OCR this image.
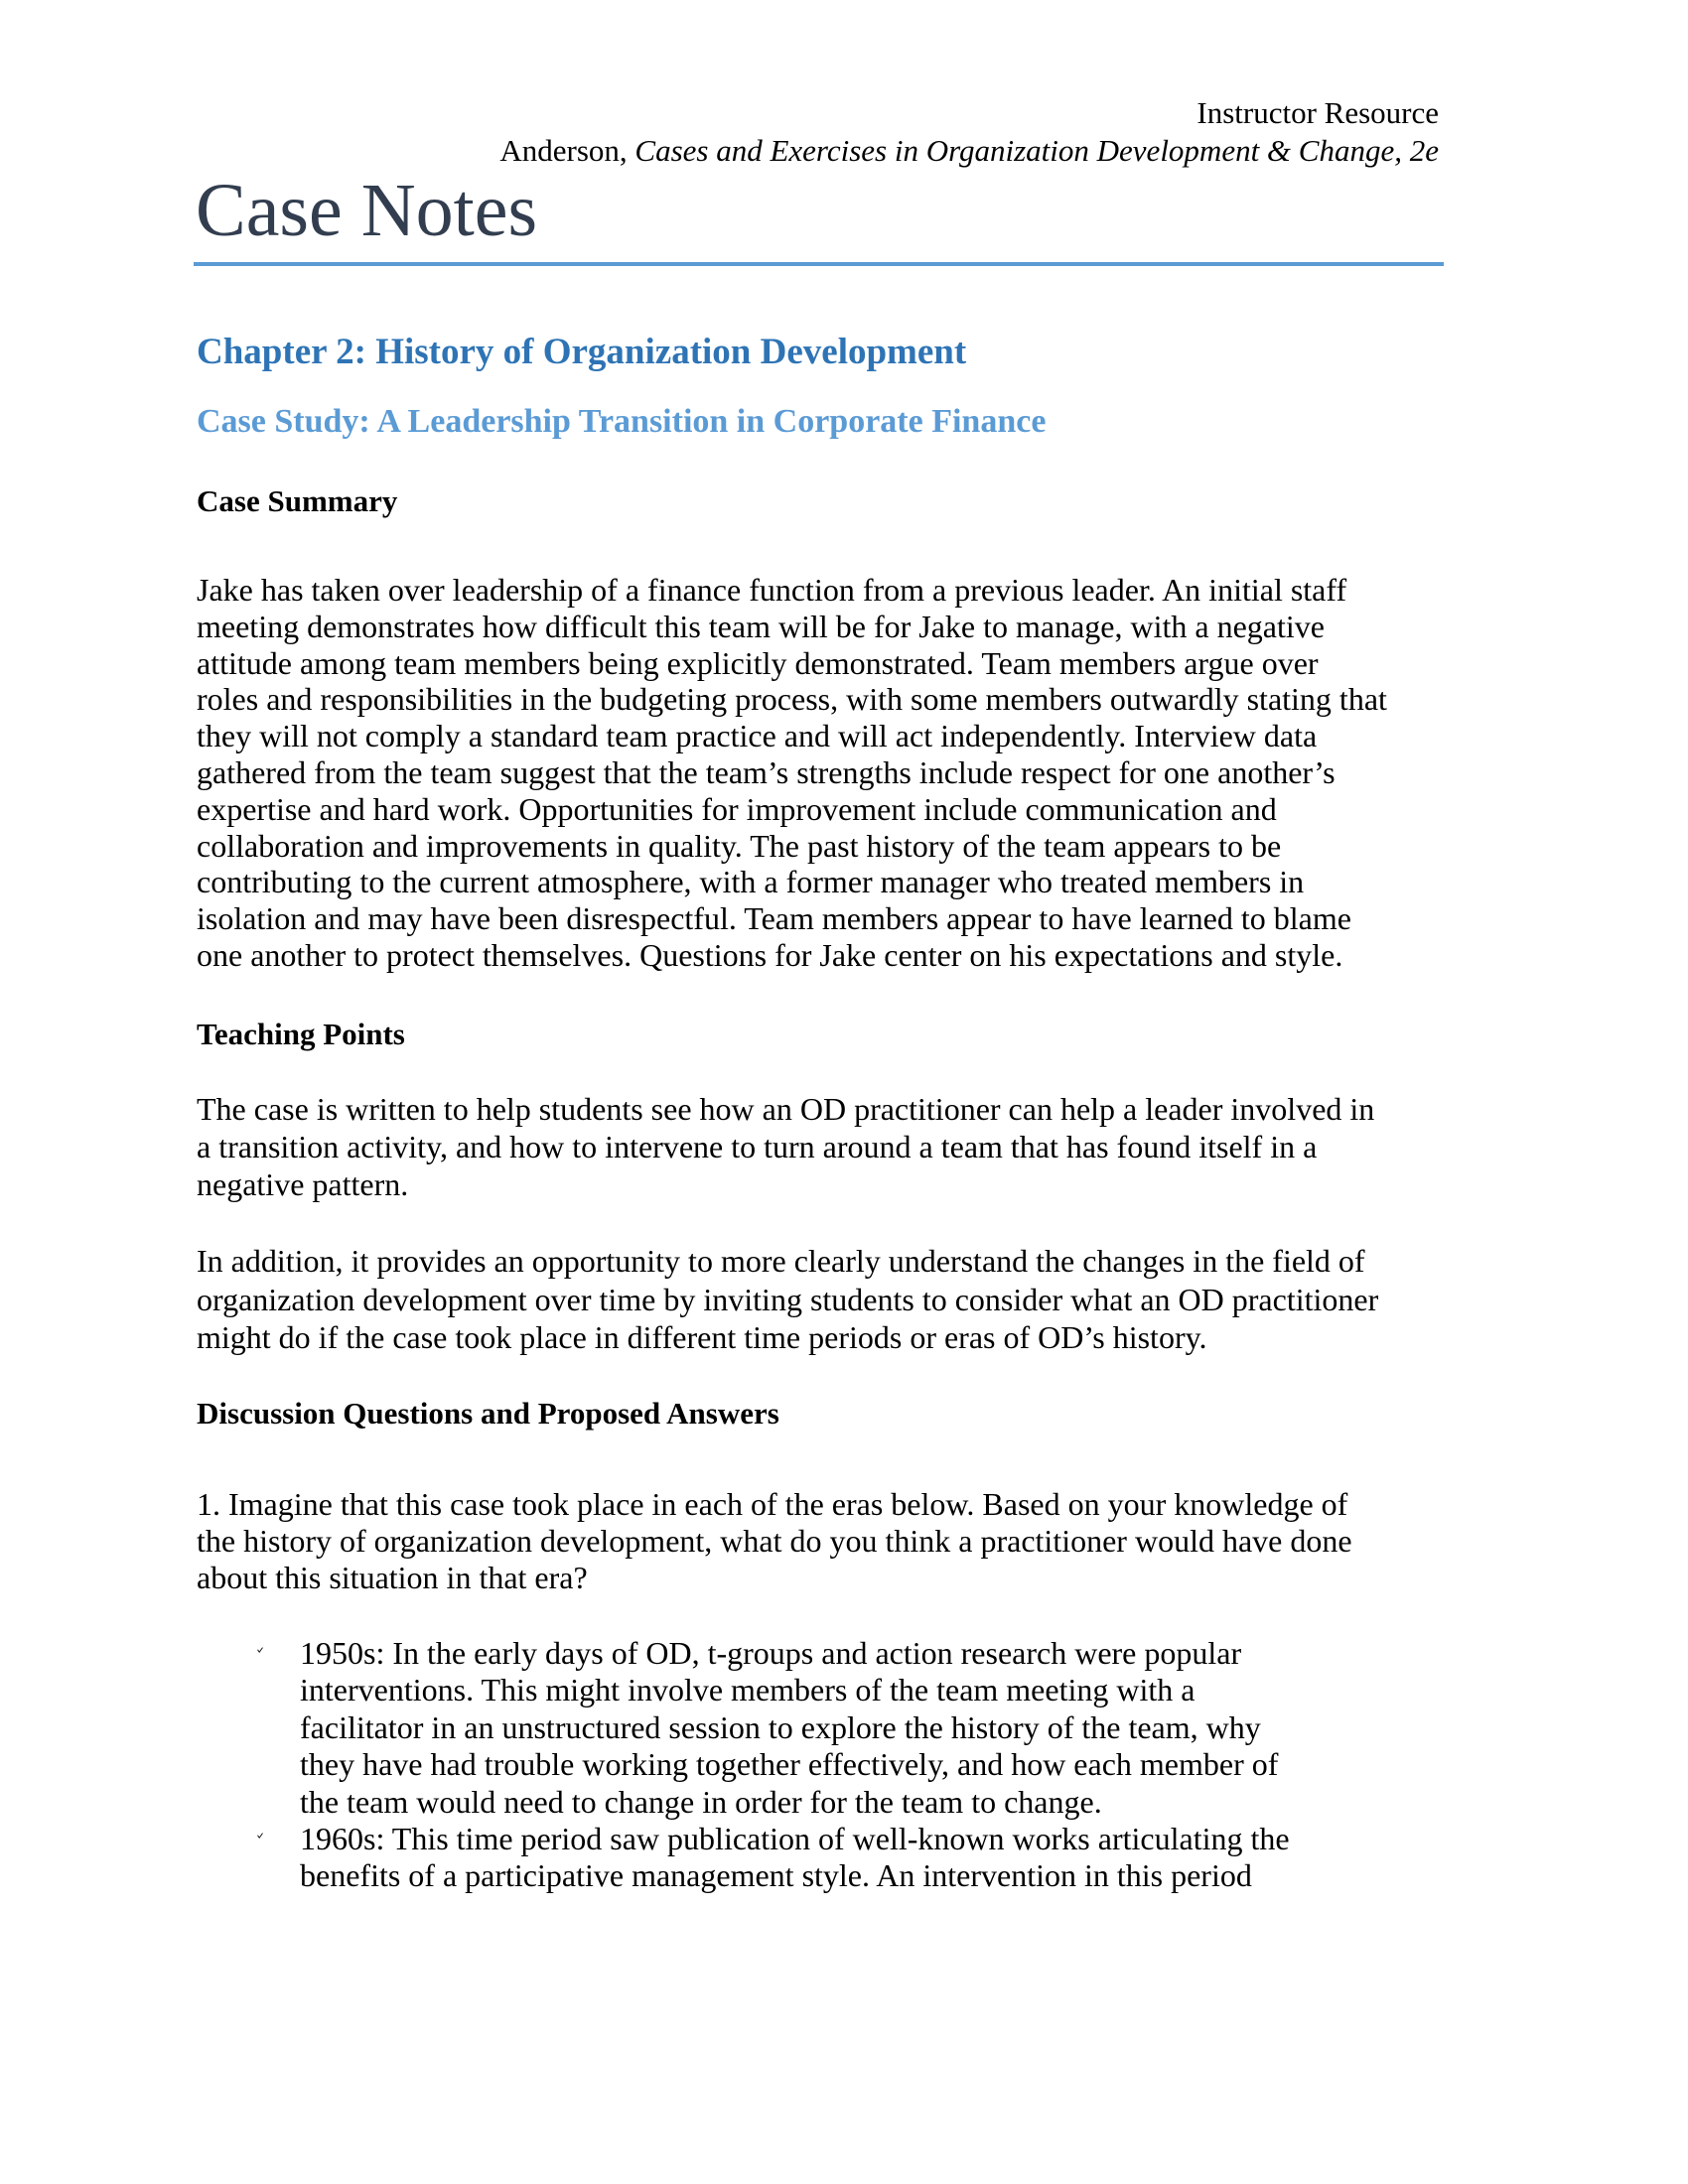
Instructor Resource
Anderson, Cases and Exercises in Organization Development & Change, 2e
Case Notes
Chapter 2: History of Organization Development
Case Study: A Leadership Transition in Corporate Finance
Case Summary
Jake has taken over leadership of a finance function from a previous leader. An initial staff
meeting demonstrates how difficult this team will be for Jake to manage, with a negative
attitude among team members being explicitly demonstrated. Team members argue over
roles and responsibilities in the budgeting process, with some members outwardly stating that
they will not comply a standard team practice and will act independently. Interview data
gathered from the team suggest that the team’s strengths include respect for one another’s
expertise and hard work. Opportunities for improvement include communication and
collaboration and improvements in quality. The past history of the team appears to be
contributing to the current atmosphere, with a former manager who treated members in
isolation and may have been disrespectful. Team members appear to have learned to blame
one another to protect themselves. Questions for Jake center on his expectations and style.
Teaching Points
The case is written to help students see how an OD practitioner can help a leader involved in
a transition activity, and how to intervene to turn around a team that has found itself in a
negative pattern.
In addition, it provides an opportunity to more clearly understand the changes in the field of
organization development over time by inviting students to consider what an OD practitioner
might do if the case took place in different time periods or eras of OD’s history.
Discussion Questions and Proposed Answers
1. Imagine that this case took place in each of the eras below. Based on your knowledge of
the history of organization development, what do you think a practitioner would have done
about this situation in that era?
1950s: In the early days of OD, t-groups and action research were popular
interventions. This might involve members of the team meeting with a
facilitator in an unstructured session to explore the history of the team, why
they have had trouble working together effectively, and how each member of
the team would need to change in order for the team to change.
1960s: This time period saw publication of well-known works articulating the
benefits of a participative management style. An intervention in this period
